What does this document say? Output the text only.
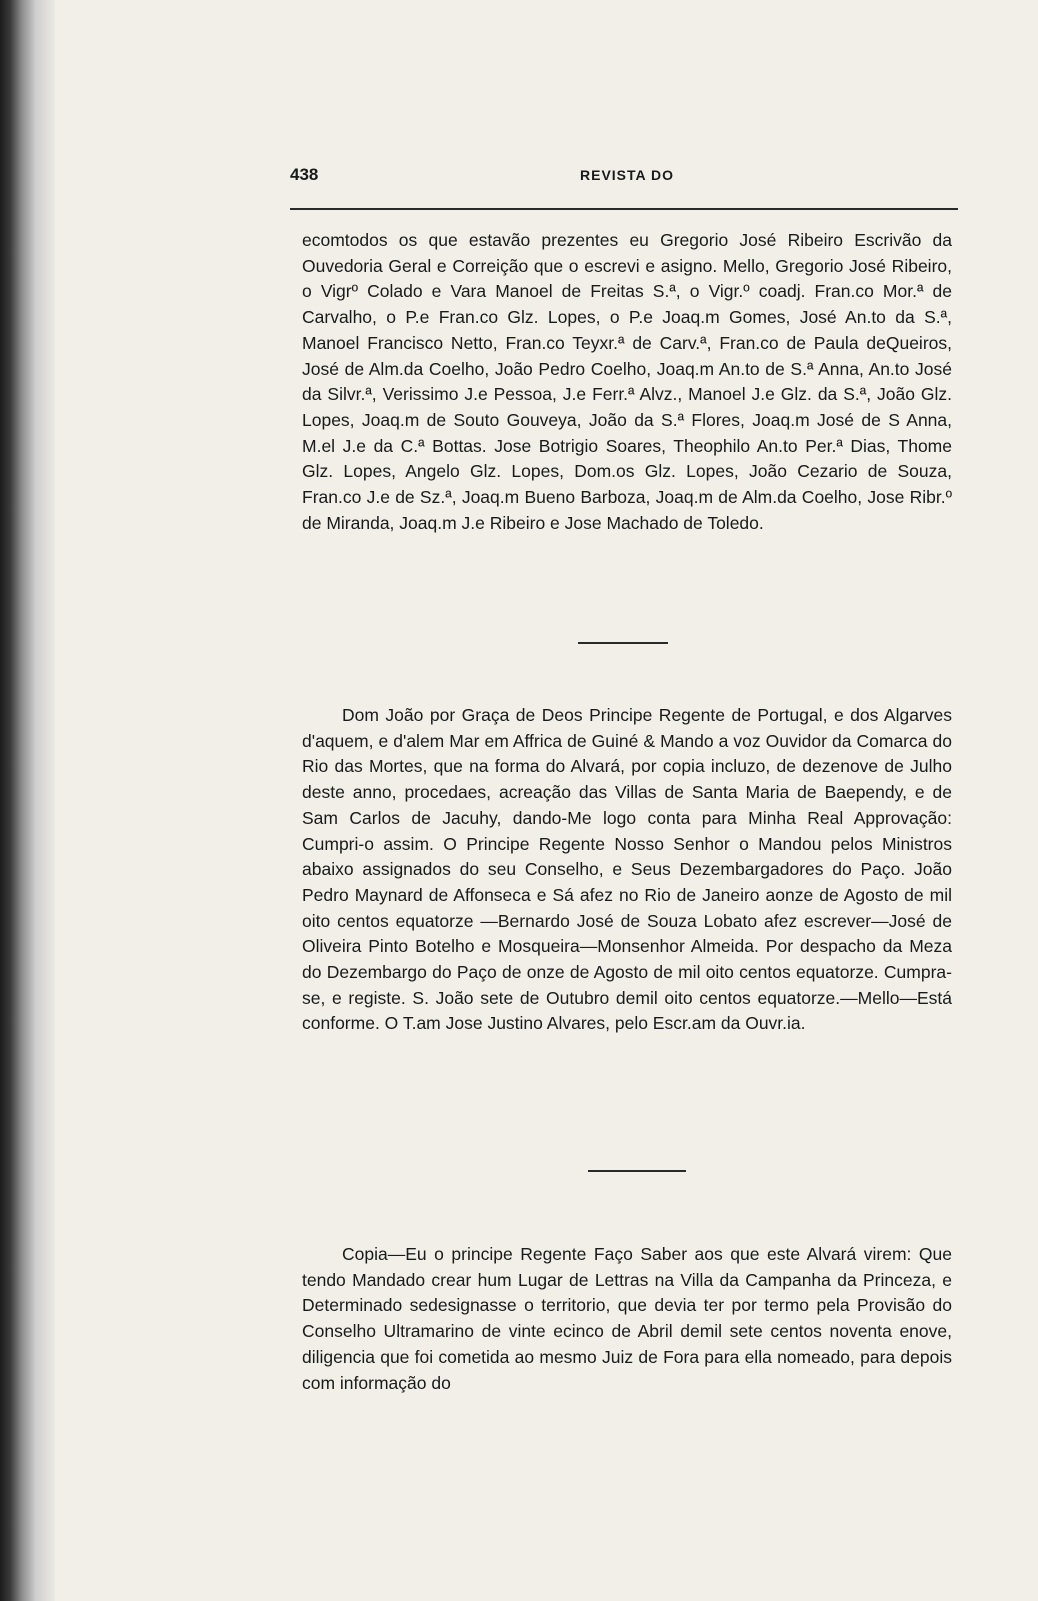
438	REVISTA DO

ecomtodos os que estavão prezentes eu Gregorio José Ribeiro Escrivão da Ouvedoria Geral e Correição que o escrevi e asigno. Mello, Gregorio José Ribeiro, o Vigrº Colado e Vara Manoel de Freitas S.ª, o Vigr.º coadj. Fran.co Mor.ª de Carvalho, o P.e Fran.co Glz. Lopes, o P.e Joaq.m Gomes, José An.to da S.ª, Manoel Francisco Netto, Fran.co Teyxr.ª de Carv.ª, Fran.co de Paula deQueiros, José de Alm.da Coelho, João Pedro Coelho, Joaq.m An.to de S.ª Anna, An.to José da Silvr.ª, Verissimo J.e Pessoa, J.e Ferr.ª Alvz., Manoel J.e Glz. da S.ª, João Glz. Lopes, Joaq.m de Souto Gouveya, João da S.ª Flores, Joaq.m José de S Anna, M.el J.e da C.ª Bottas. Jose Botrigio Soares, Theophilo An.to Per.ª Dias, Thome Glz. Lopes, Angelo Glz. Lopes, Dom.os Glz. Lopes, João Cezario de Souza, Fran.co J.e de Sz.ª, Joaq.m Bueno Barboza, Joaq.m de Alm.da Coelho, Jose Ribr.º de Miranda, Joaq.m J.e Ribeiro e Jose Machado de Toledo.

Dom João por Graça de Deos Principe Regente de Portugal, e dos Algarves d'aquem, e d'alem Mar em Affrica de Guiné & Mando a voz Ouvidor da Comarca do Rio das Mortes, que na forma do Alvará, por copia incluzo, de dezenove de Julho deste anno, procedaes, acreação das Villas de Santa Maria de Baependy, e de Sam Carlos de Jacuhy, dando-Me logo conta para Minha Real Approvação: Cumpri-o assim. O Principe Regente Nosso Senhor o Mandou pelos Ministros abaixo assignados do seu Conselho, e Seus Dezembargadores do Paço. João Pedro Maynard de Affonseca e Sá afez no Rio de Janeiro aonze de Agosto de mil oito centos equatorze —Bernardo José de Souza Lobato afez escrever—José de Oliveira Pinto Botelho e Mosqueira—Monsenhor Almeida. Por despacho da Meza do Dezembargo do Paço de onze de Agosto de mil oito centos equatorze. Cumpra-se, e registe. S. João sete de Outubro demil oito centos equatorze.—Mello—Está conforme. O T.am Jose Justino Alvares, pelo Escr.am da Ouvr.ia.

Copia—Eu o principe Regente Faço Saber aos que este Alvará virem: Que tendo Mandado crear hum Lugar de Lettras na Villa da Campanha da Princeza, e Determinado sedesignasse o territorio, que devia ter por termo pela Provisão do Conselho Ultramarino de vinte ecinco de Abril demil sete centos noventa enove, diligencia que foi cometida ao mesmo Juiz de Fora para ella nomeado, para depois com informação do
